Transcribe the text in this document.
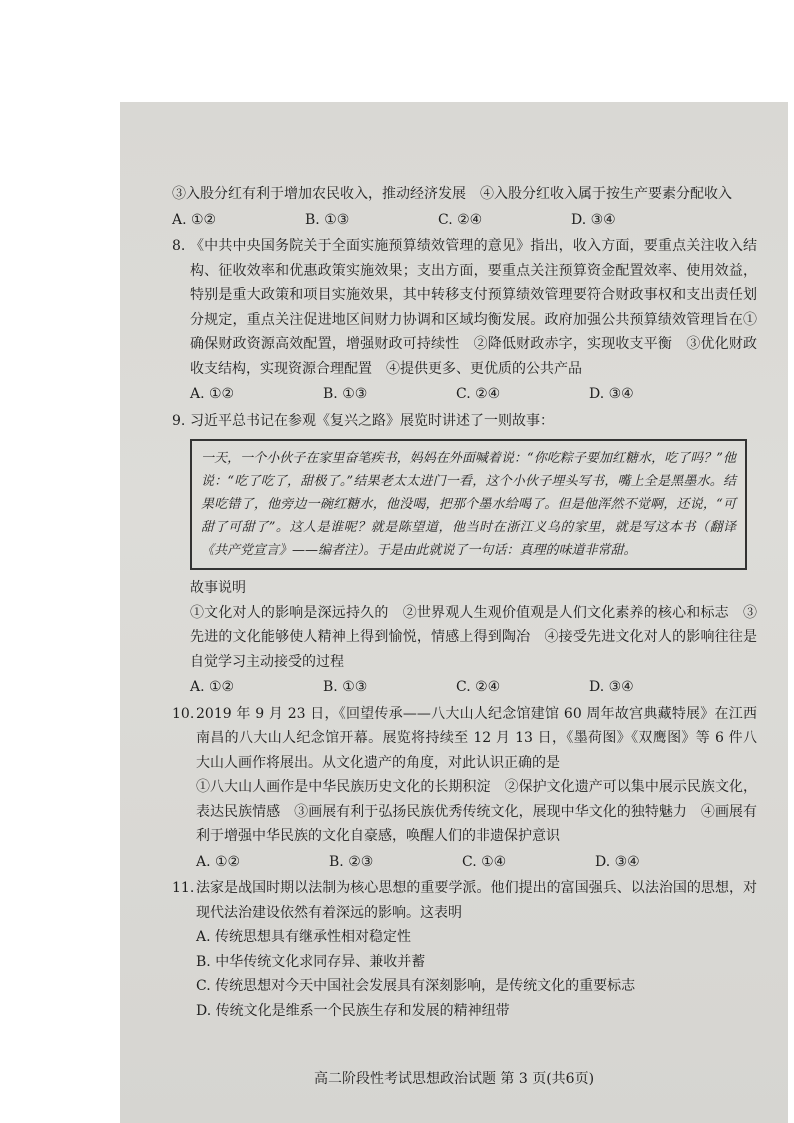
③入股分红有利于增加农民收入，推动经济发展　④入股分红收入属于按生产要素分配收入

A. ①②	B. ①③	C. ②④	D. ③④
8. 《中共中央国务院关于全面实施预算绩效管理的意见》指出，收入方面，要重点关注收入结构、征收效率和优惠政策实施效果；支出方面，要重点关注预算资金配置效率、使用效益，特别是重大政策和项目实施效果，其中转移支付预算绩效管理要符合财政事权和支出责任划分规定，重点关注促进地区间财力协调和区域均衡发展。政府加强公共预算绩效管理旨在①确保财政资源高效配置，增强财政可持续性　②降低财政赤字，实现收支平衡　③优化财政收支结构，实现资源合理配置　④提供更多、更优质的公共产品
A. ①②	B. ①③	C. ②④	D. ③④
9. 习近平总书记在参观《复兴之路》展览时讲述了一则故事：
一天，一个小伙子在家里奋笔疾书，妈妈在外面喊着说：“你吃粽子要加红糖水，吃了吗？”他说：“吃了吃了，甜极了。”结果老太太进门一看，这个小伙子埋头写书，嘴上全是黑墨水。结果吃错了，他旁边一碗红糖水，他没喝，把那个墨水给喝了。但是他浑然不觉啊，还说，“可甜了可甜了”。这人是谁呢？就是陈望道，他当时在浙江义乌的家里，就是写这本书（翻译《共产党宣言》——编者注）。于是由此就说了一句话：真理的味道非常甜。

故事说明

①文化对人的影响是深远持久的　②世界观人生观价值观是人们文化素养的核心和标志　③先进的文化能够使人精神上得到愉悦，情感上得到陶冶　④接受先进文化对人的影响往往是自觉学习主动接受的过程

A. ①②	B. ①③	C. ②④	D. ③④
10. 2019 年 9 月 23 日，《回望传承——八大山人纪念馆建馆 60 周年故宫典藏特展》在江西南昌的八大山人纪念馆开幕。展览将持续至 12 月 13 日，《墨荷图》《双鹰图》等 6 件八大山人画作将展出。从文化遗产的角度，对此认识正确的是

①八大山人画作是中华民族历史文化的长期积淀　②保护文化遗产可以集中展示民族文化，表达民族情感　③画展有利于弘扬民族优秀传统文化，展现中华文化的独特魅力　④画展有利于增强中华民族的文化自豪感，唤醒人们的非遗保护意识

A. ①②	B. ②③	C. ①④	D. ③④
11. 法家是战国时期以法制为核心思想的重要学派。他们提出的富国强兵、以法治国的思想，对现代法治建设依然有着深远的影响。这表明
A. 传统思想具有继承性相对稳定性
B. 中华传统文化求同存异、兼收并蓄
C. 传统思想对今天中国社会发展具有深刻影响，是传统文化的重要标志
D. 传统文化是维系一个民族生存和发展的精神纽带
高二阶段性考试思想政治试题 第 3 页(共6页)
